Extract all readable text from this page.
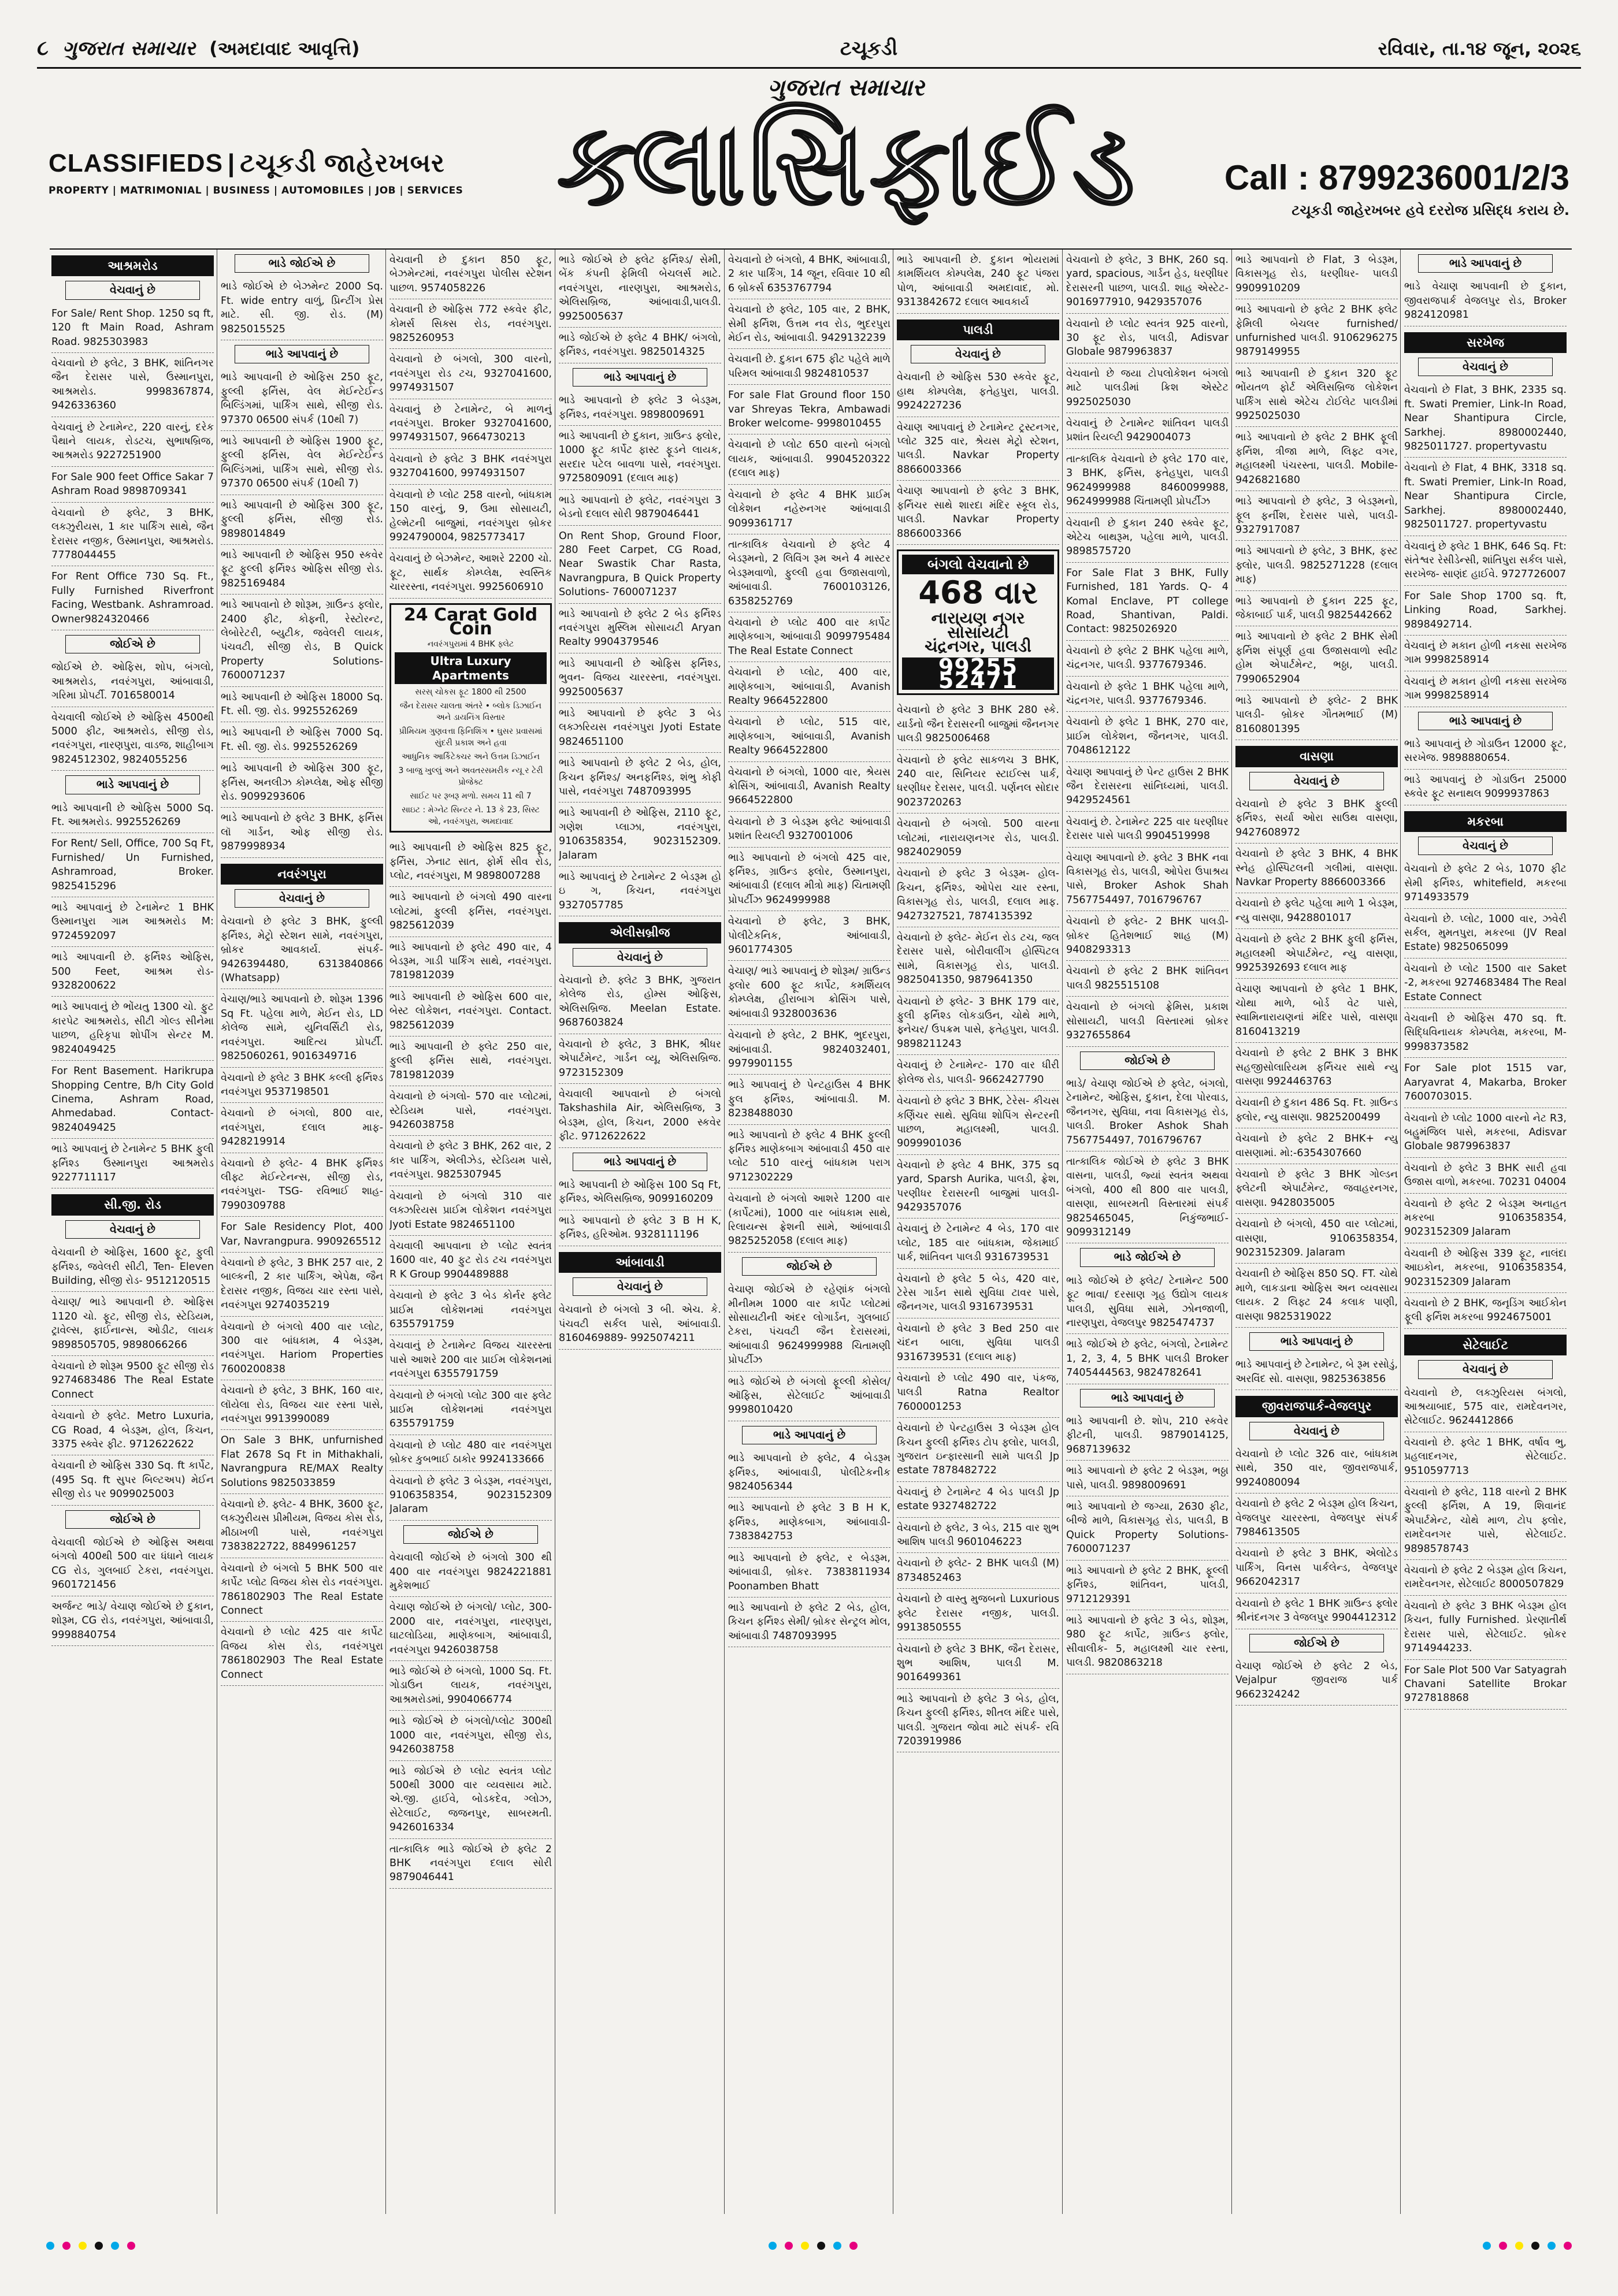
૮ ગુજરાત સમાચાર (અમદાવાદ આવૃત્તિ)	ટચૂકડી	રવિવાર, તા.૧૪ જૂન, ૨૦૨૬
CLASSIFIEDS | ટચૂકડી જાહેરખબર
PROPERTY | MATRIMONIAL | BUSINESS | AUTOMOBILES | JOB | SERVICES
ગુજરાત સમાચાર
ક્લાસિફાઈડ	Call : 8799236001/2/3
ટચૂકડી જાહેરખબર હવે દરરોજ પ્રસિદ્ધ કરાય છે.
આશ્રમરોડ
વેચવાનું છે
For Sale/ Rent Shop. 1250 sq ft, 120 ft Main Road, Ashram Road. 9825303983
વેચવાનો છે ફ્લેટ, 3 BHK, શાંતિનગર જૈન દેરાસર પાસે, ઉસ્માનપુરા, આશ્રમરોડ. 9998367874, 9426336360
વેચવાનું છે ટેનામેન્ટ, 220 વારનું, દરેક પૈથાને લાયક, રોડટચ, સુભાષબ્રિજ, આશ્રમરોડ 9227251900
For Sale 900 feet Office Sakar 7 Ashram Road 9898709341
વેચવાનો છે ફ્લેટ, 3 BHK, લક્ઝુરીયસ, 1 કાર પાર્કિંગ સાથે, જૈન દેરાસર નજીક, ઉસ્માનપુરા, આશ્રમરોડ. 7778044455
For Rent Office 730 Sq. Ft., Fully Furnished Riverfront Facing, Westbank. Ashramroad. Owner9824320466
જોઈએ છે
જોઈએ છે. ઓફિસ, શોપ, બંગલો, આશ્રમરોડ, નવરંગપુરા, આંબાવાડી, ગરિમા પ્રોપર્ટી. 7016580014
વેચવાલી જોઈએ છે ઓફિસ 4500થી 5000 ફીટ, આશ્રમરોડ, સીજી રોડ, નવરંગપુરા, નારણપુરા, વાડજ, શાહીબાગ 9824512302, 9824055256
ભાડે આપવાનું છે
ભાડે આપવાની છે ઓફિસ 5000 Sq. Ft. આશ્રમરોડ. 9925526269
For Rent/ Sell, Office, 700 Sq Ft, Furnished/ Un Furnished, Ashramroad, Broker. 9825415296
ભાડે આપવાનું છે ટેનામેન્ટ 1 BHK ઉસ્માનપુરા ગામ આશ્રમરોડ M: 9724592097
ભાડે આપવાની છે. ફર્નિશ્ડ ઓફિસ, 500 Feet, આશ્રમ રોડ- 9328200622
ભાડે આપવાનું છે ભોંયતુ 1300 ચો. ફુટ કારપેટ આશ્રમરોડ, સીટી ગોલ્ડ સીનેમા પાછળ, હરિકૃપા શોપીંગ સેન્ટર M. 9824049425
For Rent Basement. Harikrupa Shopping Centre, B/h City Gold Cinema, Ashram Road, Ahmedabad. Contact-9824049425
ભાડે આપવાનું છે ટેનામેન્ટ 5 BHK ફુલી ફર્નિશ્ડ ઉસ્માનપુરા આશ્રમરોડ 9227711117
સી.જી. રોડ
વેચવાનું છે
વેચવાની છે ઓફિસ, 1600 ફૂટ, ફુલી ફર્નિશ્ડ, જવેલરી સીટી, Ten- Eleven Building, સીજી રોડ- 9512120515
વેચાણ/ ભાડે આપવાની છે. ઓફિસ 1120 ચો. ફૂટ, સીજી રોડ, સ્ટેડિયમ, ટ્રાવેલ્સ, ફાઈનાન્સ, ઓડીટ, લાયક 9898505705, 9898066266
વેચવાનો છે શોરૂમ 9500 ફૂટ સીજી રોડ 9274683486 The Real Estate Connect
વેચવાનો છે ફ્લેટ. Metro Luxuria, CG Road, 4 બેડરૂમ, હોલ, કિચન, 3375 સ્ક્વેર ફીટ. 9712622622
વેચવાની છે ઓફિસ 330 Sq. ft કાર્પેટ, (495 Sq. ft સુપર બિલ્ટઅપ) મેઈન સીજી રોડ પર 9099025003
જોઈએ છે
વેચવાલી જોઈએ છે ઓફિસ અથવા બંગલો 400થી 500 વાર ધંધાને લાયક CG રોડ, ગુલબાઈ ટેકરા, નવરંગપુરા. 9601721456
અર્જન્ટ ભાડે/ વેચાણ જોઈએ છે દુકાન, શોરૂમ, CG રોડ, નવરંગપુરા, આંબાવાડી, 9998840754
ભાડે જોઈએ છે
ભાડે જોઈએ છે બેઝમેન્ટ 2000 Sq. Ft. wide entry વાળું, પ્રિન્ટીંગ પ્રેસ માટે. સી. જી. રોડ. (M) 9825015525
ભાડે આપવાનું છે
ભાડે આપવાની છે ઓફિસ 250 ફૂટ, ફુલ્લી ફર્નિસ, વેલ મેઈન્ટેઈન્ડ બિલ્ડિંગમાં, પાર્કિંગ સાથે, સીજી રોડ. 97370 06500 સંપર્ક (10થી 7)
ભાડે આપવાની છે ઓફિસ 1900 ફૂટ, ફુલ્લી ફર્નિસ, વેલ મેઈન્ટેઈન્ડ બિલ્ડિંગમાં, પાર્કિંગ સાથે, સીજી રોડ. 97370 06500 સંપર્ક (10થી 7)
ભાડે આપવાની છે ઓફિસ 300 ફૂટ, ફુલ્લી ફર્નિસ, સીજી રોડ. 9898014849
ભાડે આપવાની છે ઓફિસ 950 સ્કવેર ફૂટ ફુલ્લી ફર્નિશ્ડ ઓફિસ સીજી રોડ. 9825169484
ભાડે આપવાનો છે શોરૂમ, ગ્રાઉન્ડ ફ્લોર, 2400 ફીટ, કોફ્ની, રેસ્ટોરન્ટ, લેબોરેટરી, બ્યુટીક, જવેલરી લાયક, પંચવટી, સીજી રોડ, B Quick Property Solutions- 7600071237
ભાડે આપવાની છે ઓફિસ 18000 Sq. Ft. સી. જી. રોડ. 9925526269
ભાડે આપવાની છે ઓફિસ 7000 Sq. Ft. સી. જી. રોડ. 9925526269
ભાડે આપવાની છે ઓફિસ 300 ફૂટ, ફર્નિસ, અનલીઝ કોમ્પ્લેક્ષ, ઓફ સીજી રોડ. 9099293606
ભાડે આપવાનો છે ફ્લેટ 3 BHK, ફર્નિસ લૉ ગાર્ડન, ઓફ સીજી રોડ. 9879998934
નવરંગપુરા
વેચવાનું છે
વેચવાનો છે ફ્લેટ 3 BHK, ફુલ્લી ફર્નિશ્ડ, મેટ્રો સ્ટેશન સામે, નવરંગપુરા, બ્રોકર આવકાર્ય. સંપર્ક- 9426394480, 6313840866 (Whatsapp)
વેચાણ/ભાડે આપવાનો છે. શોરૂમ 1396 Sq Ft. પહેલા માળે, મેઈન રોડ, LD કોલેજ સામે, યુનિવર્સિટી રોડ, નવરંગપુરા. આદિત્ય પ્રોપર્ટી. 9825060261, 9016349716
વેચવાનો છે ફ્લેટ 3 BHK કલ્લી ફર્નિશ્ડ નવરંગપુરા 9537198501
વેચવાનો છે બંગલો, 800 વાર, નવરંગપુરા, દલાલ માફ- 9428219914
વેચવાનો છે ફ્લેટ- 4 BHK ફર્નિશ્ડ લીફ્ટ મેઈન્ટેનન્સ, સીજી રોડ, નવરંગપુરા- TSG- રવિભાઈ શાહ- 7990309788
For Sale Residency Plot, 400 Var, Navrangpura. 9909265512
વેચવાનો છે ફ્લેટ, 3 BHK 257 વાર, 2 બાલ્કની, 2 કાર પાર્કિંગ, એપેક્ષ, જૈન દેરાસર નજીક, વિજય ચાર રસ્તા પાસે, નવરંગપુરા 9274035219
વેચવાનો છે બંગલો 400 વાર પ્લોટ, 300 વાર બાંધકામ, 4 બેડરૂમ, નવરંગપુરા. Hariom Properties 7600200838
વેચવાનો છે ફ્લેટ, 3 BHK, 160 વાર, લૉયેલા રોડ, વિજય ચાર રસ્તા પાસે, નવરંગપુરા 9913990089
On Sale 3 BHK, unfurnished Flat 2678 Sq Ft in Mithakhali, Navrangpura RE/MAX Realty Solutions 9825033859
વેચવાનો છે. ફ્લેટ- 4 BHK, 3600 ફૂટ, લક્ઝુરીયસ પ્રીમીયમ, વિજય કોસ રોડ, મીઠાખળી પાસે, નવરંગપુરા 7383822722, 8849961257
વેચવાનો છે બંગલો 5 BHK 500 વાર કાર્પેટ પ્લોટ વિજય કોસ રોડ નવરંગપુરા. 7861802903 The Real Estate Connect
વેચવાનો છે પ્લોટ 425 વાર કાર્પેટ વિજય કોસ રોડ, નવરંગપુરા 7861802903 The Real Estate Connect
વેચવાની છે દુકાન 850 ફૂટ, બેઝમેન્ટમાં, નવરંગપુરા પોલીસ સ્ટેશન પાછળ. 9574058226
વેચવાની છે ઓફિસ 772 સ્કવેર ફીટ, કોમર્સ સિક્સ રોડ, નવરંગપુરા. 9825260953
વેચવાનો છે બંગલો, 300 વારનો, નવરંગપુરા રોડ ટચ, 9327041600, 9974931507
વેચવાનું છે ટેનામેન્ટ, બે માળનું નવરંગપુરા. Broker 9327041600, 9974931507, 9664730213
વેચવાનો છે ફ્લેટ 3 BHK નવરંગપુરા 9327041600, 9974931507
વેચવાનો છે પ્લોટ 258 વારનો, બાંધકામ 150 વારનું, 9, ઉમા સોસાયટી, હેલ્મેટની બાજુમાં, નવરંગપુરા બ્રોકર 9924790004, 9825773417
વેચવાનું છે બેઝમેન્ટ, આશરે 2200 ચો. ફૂટ, સાર્થક કોમ્પ્લેક્ષ, સ્વસ્તિક ચારરસ્તા, નવરંગપુરા. 9925606910
24 Carat Gold Coin
નવરંગપુરામાં 4 BHK ફ્લેટ
Ultra Luxury Apartments
સરસ્ ચોકસ ફૂટ 1800 થી 2500
જૈન દેરાસર ચાલતા અંતરે • બ્લોક ડિઝાઈન અને ડાયનિંગ વિસ્તાર
પ્રીમિયમ ગુણવત્તા ફિનિશિંગ • ઘુસર પ્રવાસમાં સુંદરી પ્રકાશ અને હવા
આધુનિક આર્કિટેક્ચર અને ઉત્તમ ડિઝાઈન
3 બાજુ ખુલ્લું અને અવતરસમરીક ન્યૂ ર ટેરી પ્રોજેક્ટ
સાઈટ પર રૂબરૂ મળો. સમય 11 થી 7
સાઇટ : મેગ્નેટ સિન્ટર ને. 13 કે 23, સિસ્ટ ઓ, નવરંગપુરા, અમદાવાદ
ભાડે આપવાની છે ઓફિસ 825 ફૂટ, ફર્નિસ, ઝેનાટ સાત, ફોર્મ સીવ રોડ, પ્લોટ, નવરંગપુરા, M 9898007288
ભાડે આપવાનો છે બંગલો 490 વારના પ્લોટમાં, ફુલ્લી ફર્નિસ, નવરંગપુરા. 9825612039
ભાડે આપવાનો છે ફ્લેટ 490 વાર, 4 બેડરૂમ, ગાડી પાર્કિંગ સાથે, નવરંગપુરા. 7819812039
ભાડે આપવાની છે ઓફિસ 600 વાર, બેસ્ટ લોકેશન, નવરંગપુરા. Contact. 9825612039
ભાડે આપવાની છે ફ્લેટ 250 વાર, ફુલ્લી ફર્નિસ સાથે, નવરંગપુરા. 7819812039
વેચવાનો છે બંગલો- 570 વાર પ્લોટમાં, સ્ટેડિયમ પાસે, નવરંગપુરા. 9426038758
વેચવાનો છે ફ્લેટ 3 BHK, 262 વાર, 2 કાર પાર્કિંગ, એલીઝેડ, સ્ટેડિયમ પાસે, નવરંગપુરા. 9825307945
વેચવાનો છે બંગલો 310 વાર લક્ઝરિયસ પ્રાઈમ લોકેશન નવરંગપુરા Jyoti Estate 9824651100
વેચવાલી આપવાના છે પ્લોટ સ્વતંત્ર 1600 વાર, 40 ફુટ રોડ ટચ નવરંગપુરા R K Group 9904489888
વેચવાનો છે ફ્લેટ 3 બેડ કોર્નર ફ્લેટ પ્રાઈમ લોકેશનમાં નવરંગપુરા 6355791759
વેચવાનું છે ટેનામેન્ટ વિજય ચારરસ્તા પાસે આશરે 200 વાર પ્રાઈમ લોકેશનમાં નવરંગપુરા 6355791759
વેચવાનો છે બંગલો પ્લોટ 300 વાર ફ્લેટ પ્રાઈમ લોકેશનમાં નવરંગપુરા 6355791759
વેચવાનો છે પ્લોટ 480 વાર નવરંગપુરા બ્રોકર કુબભાઈ ઠાકોર 9924133666
વેચવાનો છે ફ્લેટ 3 બેડરૂમ, નવરંગપુરા, 9106358354, 9023152309 Jalaram
જોઈએ છે
વેચવાલી જોઈએ છે બંગલો 300 થી 400 વાર નવરંગપુરા 9824221881 મુકેશભાઈ
વેચાણ જોઈએ છે બંગલો/ પ્લોટ, 300- 2000 વાર, નવરંગપુરા, નારણપુરા, ઘાટલોડિયા, માણેકબાગ, આંબાવાડી, નવરંગપુરા 9426038758
ભાડે જોઈએ છે બંગલો, 1000 Sq. Ft. ગોડાઉન લાયક, નવરંગપુરા, આશ્રમરોડમાં, 9904066774
ભાડે જોઈએ છે બંગલો/પ્લોટ 300થી 1000 વાર, નવરંગપુરા, સીજી રોડ, 9426038758
ભાડે જોઈએ છે પ્લોટ સ્વતંત્ર પ્લોટ 500થી 3000 વાર વ્યવસાય માટે. એ.જી. હાઈવે, બોડકદેવ, ગ્લોઝ, સેટેલાઈટ, જજનપુર, સાબરમતી. 9426016334
તાત્કાલિક ભાડે જોઈએ છે ફ્લેટ 2 BHK નવરંગપુરા દલાલ સોરી 9879046441
ભાડે જોઈએ છે ફ્લેટ ફર્નિશ્ડ/ સેમી, બેંક કંપની ફેમિલી બેચલર્સ માટે. નવરંગપુરા, નારણપુરા, આશ્રમરોડ, એલિસબ્રિજ, આંબાવાડી,પાલડી. 9925005637
ભાડે જોઈએ છે ફ્લેટ 4 BHK/ બંગલો, ફર્નિશ્ડ, નવરંગપુરા. 9825014325
ભાડે આપવાનું છે
ભાડે આપવાનો છે ફ્લેટ 3 બેડરૂમ, ફર્નિશ્ડ, નવરંગપુરા. 9898009691
ભાડે આપવાની છે દુકાન, ગ્રાઉન્ડ ફ્લોર, 1000 ફૂટ કાર્પેટ ફાસ્ટ ફૂડને લાયક, સરદાર પટેલ બાવળા પાસે, નવરંગપુરા. 9725809091 (દલાલ માફ)
ભાડે આપવાનો છે ફ્લેટ, નવરંગપુરા 3 બેડનો દલાલ સોરી 9879046441
On Rent Shop, Ground Floor, 280 Feet Carpet, CG Road, Near Swastik Char Rasta, Navrangpura, B Quick Property Solutions- 7600071237
ભાડે આપવાનો છે ફ્લેટ 2 બેડ ફર્નિશ્ડ નવરંગપુરા મુસ્લિમ સોસાયટી Aryan Realty 9904379546
ભાડે આપવાની છે ઓફિસ ફર્નિશ્ડ, ભુવન- વિજય ચારરસ્તા, નવરંગપુરા. 9925005637
ભાડે આપવાનો છે ફ્લેટ 3 બેડ લક્ઝરિયસ નવરંગપુરા Jyoti Estate 9824651100
ભાડે આપવાનો છે ફ્લેટ 2 બેડ, હોલ, કિચન ફર્નિશ્ડ/ અનફર્નિશ્ડ, શંભુ કોફી પાસે, નવરંગપુરા 7487093995
ભાડે આપવાની છે ઓફિસ, 2110 ફૂટ, ગણેશ પ્લાઝા, નવરંગપુરા, 9106358354, 9023152309. Jalaram
ભાડે આપવાનું છે ટેનામેન્ટ 2 બેડરૂમ હો ઇ ગ, કિચન, નવરંગપુરા 9327057785
એલીસબ્રીજ
વેચવાનું છે
વેચવાનો છે. ફ્લેટ 3 BHK, ગુજરાત કોલેજ રોડ, હોમ્સ ઓફિસ, એલિસબ્રિજ. Meelan Estate. 9687603824
વેચવાનો છે ફ્લેટ, 3 BHK, શ્રીધર એપાર્ટમેન્ટ, ગાર્ડન વ્યૂ, એલિસબ્રિજ. 9723152309
વેચવાલી આપવાનો છે બંગલો Takshashila Air, એલિસબ્રિજ, 3 બેડરૂમ, હોલ, કિચન, 2000 સ્કવેર ફીટ. 9712622622
ભાડે આપવાનું છે
ભાડે આપવાની છે ઓફિસ 100 Sq Ft, ફર્નિશ્ડ, એલિસબ્રિજ, 9099160209
ભાડે આપવાનો છે ફ્લેટ 3 B H K, ફર્નિશ્ડ, હરિઓમ. 9328111196
આંબાવાડી
વેચવાનું છે
વેચવાનો છે બંગલો 3 બી. એચ. કે. પંચવટી સર્કલ પાસે, આંબાવાડી. 8160469889- 9925074211
વેચવાનો છે બંગલો, 4 BHK, આંબાવાડી, 2 કાર પાર્કિંગ, 14 જૂન, રવિવાર 10 થી 6 બ્રોકર્સ 6353767794
વેચવાનો છે ફ્લેટ, 105 વાર, 2 BHK, સેમી ફર્નિશ, ઉત્તમ નવ રોડ, ભુદરપુરા મેઈન રોડ, આંબાવાડી. 9429132239
વેચવાની છે. દુકાન 675 ફીટ પહેલે માળે પરિમલ આંબાવાડી 9824810537
For sale Flat Ground floor 150 var Shreyas Tekra, Ambawadi Broker welcome- 9998010455
વેચવાનો છે પ્લોટ 650 વારનો બંગલો લાયક, આંબાવાડી. 9904520322 (દલાલ માફ)
વેચવાનો છે ફ્લેટ 4 BHK પ્રાઈમ લોકેશન નહેરુનગર આંબાવાડી 9099361717
તાત્કાલિક વેચવાનો છે ફ્લેટ 4 બેડરૂમનો, 2 લિવિંગ રૂમ અને 4 માસ્ટર બેડરૂમવાળો, ફુલ્લી હવા ઉજાસવાળો, આંબાવાડી. 7600103126, 6358252769
વેચવાનો છે પ્લોટ 400 વાર કાર્પેટ માણેકબાગ, આંબાવાડી 9099795484 The Real Estate Connect
વેચવાનો છે પ્લોટ, 400 વાર, માણેકબાગ, આંબાવાડી, Avanish Realty 9664522800
વેચવાનો છે પ્લોટ, 515 વાર, માણેકબાગ, આંબાવાડી, Avanish Realty 9664522800
વેચવાનો છે બંગલો, 1000 વાર, શ્રેયસ ક્રોસિંગ, આંબાવાડી, Avanish Realty 9664522800
વેચવાનો છે 3 બેડરૂમ ફ્લેટ આંબાવાડી પ્રશાંત રિયલ્ટી 9327001006
ભાડે આપવાનો છે બંગલો 425 વાર, ફર્નિશ્ડ, ગ્રાઉન્ડ ફ્લોર, ઉસ્માનપુરા, આંબાવાડી (દલાલ મીત્રો માફ) ચિતામણી પ્રોપર્ટીઝ 9624999988
વેચવાનો છે ફ્લેટ, 3 BHK, પોલીટેકનિક, આંબાવાડી, 9601774305
વેચાણ/ ભાડે આપવાનું છે શોરૂમ/ ગ્રાઉન્ડ ફ્લોર 600 ફૂટ કાર્પેટ, કમર્શિયલ કોમ્પ્લેક્ષ, હીરાબાગ ક્રોસિંગ પાસે, આંબાવાડી 9328003636
વેચવાનો છે ફ્લેટ, 2 BHK, ભુદરપુરા, આંબાવાડી. 9824032401, 9979901155
ભાડે આપવાનું છે પેન્ટહાઉસ 4 BHK ફુલ ફર્નિશ્ડ, આંબાવાડી. M. 8238488030
ભાડે આપવાનો છે ફ્લેટ 4 BHK ફુલ્લી ફર્નિશ્ડ માણેકબાગ આંબાવાડી 450 વાર પ્લોટ 510 વારનું બાંધકામ પરાગ 9712302229
વેચવાનો છે બંગલો આશરે 1200 વાર (કાર્પેટમાં), 1000 વાર બાંધકામ સાથે, રિલાયન્સ ફ્રેશની સામે, આંબાવાડી 9825252058 (દલાલ માફ)
જોઈએ છે
વેચાણ જોઈએ છે રહેણાંક બંગલો મીનીમમ 1000 વાર કાર્પેટ પ્લોટમાં સોસાયટીની અંદર લોગાર્ડન, ગુલબાઈ ટેકરા, પંચવટી જૈન દેરાસરમાં, આંબાવાડી 9624999988 ચિતામણી પ્રોપર્ટીઝ
ભાડે જોઈએ છે બંગલો ફૂલ્લી કોસેલ/ ઑફિસ, સેટેલાઈટ આંબાવાડી 9998010420
ભાડે આપવાનું છે
ભાડે આપવાનો છે ફ્લેટ, 4 બેડરૂમ ફર્નિશ્ડ, આંબાવાડી, પોલીટેકનીક 9824056344
ભાડે આપવાનો છે ફ્લેટ 3 B H K, ફર્નિશ્ડ, માણેકબાગ, આંબાવાડી- 7383842753
ભાડે આપવાનો છે ફ્લેટ, ર બેડરૂમ, આંબાવાડી, બ્રોકર. 7383811934 Poonamben Bhatt
ભાડે આપવાનો છે ફ્લેટ 2 બેડ, હોલ, કિચન ફર્નિશ્ડ સેમી/ બ્રોકર સેન્ટ્રલ મોલ, આંબાવાડી 7487093995
ભાડે આપવાની છે. દુકાન ભોયરામાં કામર્શિયલ કોમ્પલેક્ષ, 240 ફૂટ પંજરા પોળ, આંબાવાડી અમદાવાદ, મો. 9313842672 દલાલ આવકાર્ય
પાલડી
વેચવાનું છે
વેચવાની છે ઓફિસ 530 સ્કવેર ફૂટ, હાથ કોમ્પલેક્ષ, ફતેહપુરા, પાલડી. 9924227236
વેચાણ આપવાનું છે ટેનામેન્ટ ટ્રસ્ટનગર, પ્લોટ 325 વાર, શ્રેયસ મેટ્રો સ્ટેશન, પાલડી. Navkar Property 8866003366
વેચાણ આપવાનો છે ફ્લેટ 3 BHK, ફર્નિચર સાથે શારદા મંદિર સ્કૂલ રોડ, પાલડી. Navkar Property 8866003366
બંગલો વેચવાનો છે
468 વાર
નારાયણ નગર સોસાયટી
ચંદ્રનગર, પાલડી
99255 52471
વેચવાનો છે ફ્લેટ 3 BHK 280 સ્કે. યાર્ડનો જૈન દેરાસરની બાજુમાં જૈનનગર પાલડી 9825006468
વેચવાનો છે ફ્લેટ સાકળચ 3 BHK, 240 વાર, સિનિયર સ્ટાઈલ્સ પાર્ક, ધરણીધર દેરાસર, પાલડી. પર્ણનલ સોદાર 9023720263
વેચવાનો છે બંગલો. 500 વારના પ્લોટમાં, નારાયણનગર રોડ, પાલડી. 9824029059
વેચવાનો છે ફ્લેટ 3 બેડરૂમ- હોલ- કિચન, ફર્નિશ્ડ, ઓપેરા ચાર રસ્તા, વિકાસગૃહ રોડ, પાલડી, દલાલ માફ. 9427327521, 7874135392
વેચવાનો છે ફ્લેટ- મેઈન રોડ ટચ, જલ દેરાસર પાસે, બોરીવાલીંગ હોસ્પિટલ સામે, વિકાસગૃહ રોડ, પાલડી. 9825041350, 9879641350
વેચવાનો છે ફ્લેટ- 3 BHK 179 વાર, ફુલી ફર્નિશ્ડ લોકડાઉન, ચોથે માળે, ફ્ર્નેચર/ ઉપક્રમ પાસે, ફતેહપુરા, પાલડી. 9898211243
વેચવાનું છે ટેનામેન્ટ- 170 વાર ધીરી ફોલેજ રોડ, પાલડી- 9662427790
વેચવાનો છે ફ્લેટ 3 BHK, ટેરેસ- કીચસ કર્ણિચર સાથે. સુવિધા શોપિંગ સેન્ટરની પાછળ, મહાલક્ષ્મી, પાલડી. 9099901036
વેચવાનો છે ફ્લેટ 4 BHK, 375 sq yard, Sparsh Aurika, પાલડી, ફ્રેશ, પરણીધર દેરાસરની બાજુમાં પાલડી- 9429357076
વેચવાનું છે ટેનામેન્ટ 4 બેડ, 170 વાર પ્લોટ, 185 વાર બાંધકામ, જેકામાઈ પાર્ક, શાંતિવન પાલડી 9316739531
વેચવાનો છે ફ્લેટ 5 બેડ, 420 વાર, ટેરેસ ગાર્ડન સાથે સુવિધા ટાવર પાસે, જૈનનગર, પાલડી 9316739531
વેચવાનો છે ફ્લેટ 3 Bed 250 વાર ચંદન બાલા, સુવિધા પાલડી 9316739531 (દલાલ માફ)
વેચવાનો છે પ્લોટ 490 વાર, પંકજ, પાલડી Ratna Realtor 7600001253
વેચવાનો છે પેન્ટહાઉસ 3 બેડરૂમ હોલ કિચન ફુલ્લી ફર્નિશ્ડ ટોપ ફ્લોર, પાલડી, ગુજરાત ઇન્ફારસાની સામે પાલડી Jp estate 7878482722
વેચવાનું છે ટેનામેન્ટ 4 બેડ પાલડી Jp estate 9327482722
વેચવાનો છે ફ્લેટ, 3 બેડ, 215 વાર શુભ આશિષ પાલડી 9601046223
વેચવાનો છે ફ્લેટ- 2 BHK પાલડી (M) 8734852463
વેચવાનો છે વાસ્તુ મુજબનો Luxurious ફ્લેટ દેરાસર નજીક, પાલડી. 9913850555
વેચવાનો છે ફ્લેટ 3 BHK, જૈન દેરાસર, શુભ આશિષ, પાલડી M. 9016499361
ભાડે આપવાનો છે ફ્લેટ 3 બેડ, હોલ, કિચન ફુલ્લી ફર્નિશ્ડ, શીતલ મંદિર પાસે, પાલડી. ગુજરાત જોવા માટે સંપર્ક- રવિ 7203919986
વેચવાનો છે ફ્લેટ, 3 BHK, 260 sq. yard, spacious, ગાર્ડન હેડ, ધરણીધર દેરાસરની પાછળ, પાલડી. શાહ એસ્ટેટ- 9016977910, 9429357076
વેચવાનો છે પ્લોટ સ્વતંત્ર 925 વારનો, 30 ફૂટ રોડ, પાલડી, Adisvar Globale 9879963837
વેચવાનો છે જયા ટોપલોકેશન બંગલો માટે પાલડીમાં ક્રિશ એસ્ટેટ 9925025030
વેચવાનું છે ટેનામેન્ટ શાંતિવન પાલડી પ્રશાંત રિયલ્ટી 9429004073
તાત્કાલિક વેચવાનો છે ફ્લેટ 170 વાર, 3 BHK, ફર્નિસ, ફતેહપુરા, પાલડી 9624999988 8460099988, 9624999988 ચિંતામણી પ્રોપર્ટીઝ
વેચવાની છે દુકાન 240 સ્ક્વેર ફૂટ, એટેચ બાથરૂમ, પહેલા માળે, પાલડી. 9898575720
For Sale Flat 3 BHK, Fully Furnished, 181 Yards. Q- 4 Komal Enclave, PT college Road, Shantivan, Paldi. Contact: 9825026920
વેચવાનો છે ફ્લેટ 2 BHK પહેલા માળે, ચંદ્રનગર, પાલડી. 9377679346.
વેચવાનો છે ફ્લેટ 1 BHK પહેલા માળે, ચંદ્રનગર, પાલડી. 9377679346.
વેચવાનો છે ફ્લેટ 1 BHK, 270 વાર, પ્રાઈમ લોકેશન, જૈનનગર, પાલડી. 7048612122
વેચાણ આપવાનું છે પેન્ટ હાઉસ 2 BHK જૈન દેરાસરના સાંનિધ્યમાં, પાલડી. 9429524561
વેચવાનું છે. ટેનામેન્ટ 225 વાર ધરણીધર દેરાસર પાસે પાલડી 9904519998
વેચાણ આપવાનો છે. ફ્લેટ 3 BHK નવા વિકાસગૃહ રોડ, પાલડી, ઓપેરા ઉપાશ્રય પાસે, Broker Ashok Shah 7567754497, 7016796767
વેચવાનો છે ફ્લેટ- 2 BHK પાલડી- બ્રોકર હિતેશભાઈ શાહ (M) 9408293313
વેચવાનો છે ફ્લેટ 2 BHK શાંતિવન પાલડી 9825515108
વેચવાનો છે બંગલો ફ્રેમિસ, પ્રકાશ સોસાયટી, પાલડી વિસ્તારમાં બ્રોકર 9327655864
જોઈએ છે
ભાડે/ વેચાણ જોઈએ છે ફ્લેટ, બંગલો, ટેનામેન્ટ, ઓફિસ, દુકાન, દેલા પોરવાડ, જૈનનગર, સુવિધા, નવા વિકાસગૃહ રોડ, પાલડી. Broker Ashok Shah 7567754497, 7016796767
તાત્કાલિક જોઈએ છે ફ્લેટ 3 BHK વાસના, પાલડી, જ્યાં સ્વતંત્ર અથવા બંગલો, 400 થી 800 વાર પાલડી, વાસણા, સાબરમતી વિસ્તારમાં સંપર્ક 9825465045, નિકુંજભાઈ- 9099312149
ભાડે જોઈએ છે
ભાડે જોઈએ છે ફ્લેટ/ ટેનામેન્ટ 500 ફૂટ ભાવા/ દરસાણ ગૃહ ઉદ્યોગ લાયક પાલડી, સુવિધા સામે, ઝોનજાળી, નારણપુરા, વેજલપુર 9825474737
ભાડે જોઈએ છે ફ્લેટ, બંગલો, ટેનામેન્ટ 1, 2, 3, 4, 5 BHK પાલડી Broker 7405444563, 9824782641
ભાડે આપવાનું છે
ભાડે આપવાની છે. શોપ, 210 સ્કવેર ફીટની, પાલડી. 9879014125, 9687139632
ભાડે આપવાનો છે ફ્લેટ 2 બેડરૂમ, ભઠ્ઠા પાસે, પાલડી. 9898009691
ભાડે આપવાનો છે જગ્યા, 2630 ફીટ, બીજે માળે, વિકાસગૃહ રોડ, પાલડી, B Quick Property Solutions- 7600071237
ભાડે આપવાનો છે ફ્લેટ 2 BHK, ફૂલ્લી ફર્નિશ્ડ, શાંતિવન, પાલડી, 9712129391
ભાડે આપવાનો છે ફ્લેટ 3 બેડ, શોરૂમ, 980 ફૂટ કાર્પેટ, ગ્રાઉન્ડ ફ્લોર, સીવાલીક- 5, મહાલક્ષ્મી ચાર રસ્તા, પાલડી. 9820863218
ભાડે આપવાનો છે Flat, 3 બેડરૂમ, વિકાસગૃહ રોડ, ધરણીધર- પાલડી 9909910209
ભાડે આપવાનો છે ફ્લેટ 2 BHK ફ્લેટ ફેમિલી બેચલર furnished/ unfurnished પાલડી. 9106296275 9879149955
ભાડે આપવાની છે દુકાન 320 ફૂટ ભોંયતળ ફોર્ટ એલિસબ્રિજ લોકેશન પાર્કિંગ સાથે એટેચ ટોઈલેટ પાલડીમાં 9925025030
ભાડે આપવાનો છે ફ્લેટ 2 BHK ફૂલી ફર્નિશ, ત્રીજા માળે, લિફ્ટ વગર, મહાલક્ષ્મી પંચરસ્તા, પાલડી. Mobile- 9426821680
ભાડે આપવાનો છે ફ્લેટ, 3 બેડરૂમનો, ફૂલ ફર્નીશ, દેરાસર પાસે, પાલડી- 9327917087
ભાડે આપવાનો છે ફ્લેટ, 3 BHK, ફસ્ટ ફ્લોર, પાલડી. 9825271228 (દલાલ માફ)
ભાડે આપવાનો છે દુકાન 225 ફૂટ, જેકાબાઈ પાર્ક, પાલડી 9825442662
ભાડે આપવાનો છે ફ્લેટ 2 BHK સેમી ફર્નિશ સંપૂર્ણ હવા ઉજાસવાળો સ્વીટ હોમ એપાર્ટમેન્ટ, ભઠ્ઠા, પાલડી. 7990652904
ભાડે આપવાનો છે ફ્લેટ- 2 BHK પાલડી- બ્રોકર ગૌતમભાઈ (M) 8160801395
વાસણા
વેચવાનું છે
વેચવાનો છે ફ્લેટ 3 BHK ફુલ્લી ફર્નિશ્ડ, સર્યા ઓરા સાઉથ વાસણા, 9427608972
વેચવાનો છે ફ્લેટ 3 BHK, 4 BHK સ્નેહ હોસ્પિટલની ગલીમાં, વાસણા. Navkar Property 8866003366
વેચવાનો છે ફ્લેટ પહેલા માળે 1 બેડરૂમ, ન્યુ વાસણા, 9428801017
વેચવાનો છે ફ્લેટ 2 BHK ફુલી ફર્નિસ, મહાલક્ષ્મી એપાર્ટમેન્ટ, ન્યુ વાસણા, 9925392693 દલાલ માફ
વેચાણ આપવાનો છે ફ્લેટ 1 BHK, ચોથા માળે, બોર્ડ વેટ પાસે, સ્વામિનારાયણનાં મંદિર પાસે, વાસણા 8160413219
વેચવાનો છે ફ્લેટ 2 BHK 3 BHK સહજીસોલારિયમ ફર્નિચર સાથે ન્યુ વાસણા 9924463763
વેચવાની છે દુકાન 486 Sq. Ft. ગ્રાઉન્ડ ફ્લોર, ન્યુ વાસણા. 9825200499
વેચવાનો છે ફ્લેટ 2 BHK+ ન્યુ વાસણામાં. મો:-6354307660
વેચવાનો છે ફ્લેટ 3 BHK ગોલ્ડન ફ્લેટની એપાર્ટમેન્ટ, જવાહરનગર, વાસણા. 9428035005
વેચવાનો છે બંગલો, 450 વાર પ્લોટમાં, વાસણા, 9106358354, 9023152309. Jalaram
વેચવાની છે ઓફિસ 850 SQ. FT. ચોથે માળે, લાકડાના ઓફિસ અન વ્યવસાય લાયક. 2 લિફ્ટ 24 કલાક પાણી, વાસણા 9825319022
ભાડે આપવાનું છે
ભાડે આપવાનું છે ટેનામેન્ટ, બે રૂમ રસોડું, અરવિંદ સો. વાસણા, 9825363856
જીવરાજપાર્ક-વેજલપુર
વેચવાનું છે
વેચવાનો છે પ્લોટ 326 વાર, બાંધકામ સાથે, 350 વાર, જીવરાજપાર્ક, 9924080094
વેચવાનો છે ફ્લેટ 2 બેડરૂમ હોલ કિચન, વેજલપુર ચારરસ્તા, વેજલપુર સંપર્ક 7984613505
વેચવાનો છે ફ્લેટ 3 BHK, એલોટેડ પાર્કિંગ, વિનસ પાર્કલેન્ડ, વેજલપુર 9662042317
વેચવાનો છે ફ્લેટ 1 BHK ગ્રાઉન્ડ ફ્લોર શ્રીનંદનગર 3 વેજલપુર 9904412312
જોઈએ છે
વેચાણ જોઈએ છે ફ્લેટ 2 બેડ, Vejalpur જીવરાજ પાર્ક 9662324242
ભાડે આપવાનું છે
ભાડે વેચાણ આપવાની છે દુકાન, જીવરાજપાર્ક વેજલપુર રોડ, Broker 9824120981
સરખેજ
વેચવાનું છે
વેચવાનો છે Flat, 3 BHK, 2335 sq. ft. Swati Premier, Link-In Road, Near Shantipura Circle, Sarkhej. 8980002440, 9825011727. propertyvastu
વેચવાનો છે Flat, 4 BHK, 3318 sq. ft. Swati Premier, Link-In Road, Near Shantipura Circle, Sarkhej. 8980002440, 9825011727. propertyvastu
વેચવાનું છે ફ્લેટ 1 BHK, 646 Sq. Ft: સંતેશ્વર રેસીડેન્સી, શાંતિપુરા સર્કલ પાસે, સરખેજ- સાણંદ હાઈવે. 9727726007
For Sale Shop 1700 sq. ft, Linking Road, Sarkhej. 9898492714.
વેચવાનું છે મકાન હોળી નકસા સરખેજ ગામ 9998258914
વેચવાનું છે મકાન હોળી નકસા સરખેજ ગામ 9998258914
ભાડે આપવાનું છે
ભાડે આપવાનું છે ગોડાઉન 12000 ફૂટ, સરખેજ. 9898880654.
ભાડે આપવાનું છે ગોડાઉન 25000 સ્કવેર ફૂટ સનાથલ 9099937863
મકરબા
વેચવાનું છે
વેચવાનો છે ફ્લેટ 2 બેડ, 1070 ફીટ સેમી ફર્નિશ્ડ, whitefield, મકરબા 9714933579
વેચવાનો છે. પ્લોટ, 1000 વાર, ઝવેરી સર્કલ, મુમતપુરા, મકરબા (JV Real Estate) 9825065099
વેચવાનો છે પ્લોટ 1500 વાર Saket -2, મકરબા 9274683484 The Real Estate Connect
વેચવાની છે ઓફિસ 470 sq. ft. સિદ્ધિવિનાયક કોમ્પલેક્ષ, મકરબા, M- 9998373582
For Sale plot 1515 var, Aaryavrat 4, Makarba, Broker 7600703015.
વેચવાનો છે પ્લોટ 1000 વારનો નેટ R3, બહુમંજિલ પાસે, મકરબા, Adisvar Globale 9879963837
વેચવાનો છે ફ્લેટ 3 BHK સારી હવા ઉજાસ વાળો, મકરબા. 70231 04004
વેચવાનો છે ફ્લેટ 2 બેડરૂમ અનાહત મકરબા 9106358354, 9023152309 Jalaram
વેચવાની છે ઓફિસ 339 ફૂટ, નાલંદા આઇકોન, મકરબા, 9106358354, 9023152309 Jalaram
વેચવાનો છે 2 BHK, જનૃડિંગ આઈકોન ફૂલી ફર્નિશ મકરબા 9924675001
સેટેલાઈટ
વેચવાનું છે
વેચવાનો છે, લક્ઝુરિયસ બંગલો, આશ્રયાબાદ, 575 વાર, રામદેવનગર, સેટેલાઈટ. 9624412866
વેચવાનો છે. ફ્લેટ 1 BHK, વર્ષાવ ભુ, પ્રહલાદનગર, સેટેલાઈટ. 9510597713
વેચવાનો છે ફ્લેટ, 118 વારનો 2 BHK ફુલ્લી ફર્નિશ, A 19, શિવાનંદ એપાર્ટમેન્ટ, ચોથે માળ, ટોપ ફ્લોર, રામદેવનગર પાસે, સેટેલાઈટ. 9898578743
વેચવાનો છે ફ્લેટ 2 બેડરૂમ હોલ કિચન, રામદેવનગર, સેટેલાઈટ 8000507829
વેચવાનો છે ફ્લેટ 3 BHK બેડરૂમ હોલ કિચન, fully Furnished. પ્રેરણાતીર્થ દેરાસર પાસે, સેટેલાઈટ. બ્રોકર 9714944233.
For Sale Plot 500 Var Satyagrah Chavani Satellite Brokar 9727818868
